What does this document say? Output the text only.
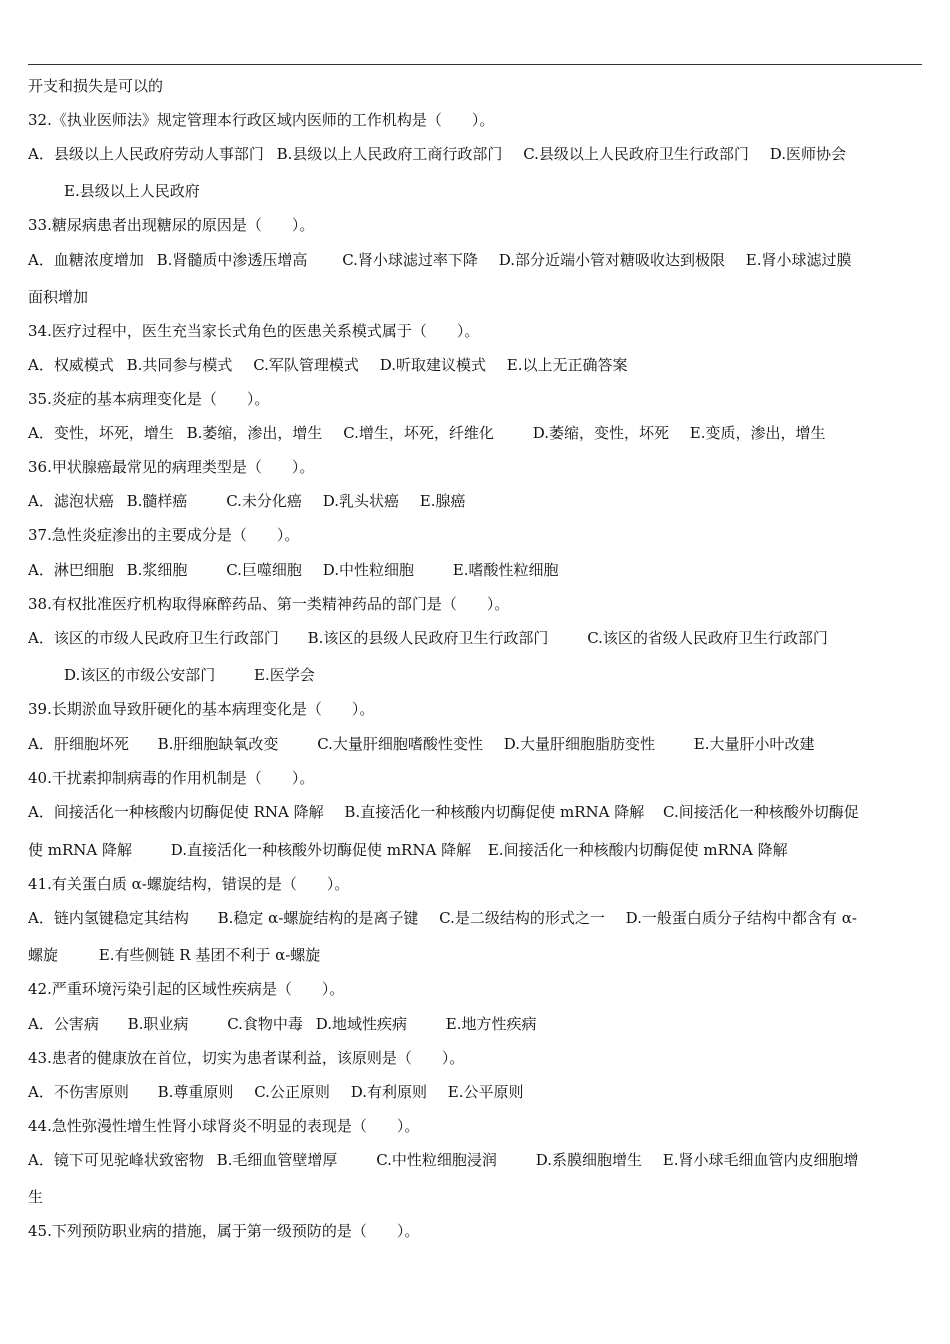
开支和损失是可以的
32.《执业医师法》规定管理本行政区域内医师的工作机构是（　　）。
A．县级以上人民政府劳动人事部门 B.县级以上人民政府工商行政部门 C.县级以上人民政府卫生行政部门 D.医师协会
E.县级以上人民政府
33.糖尿病患者出现糖尿的原因是（　　）。
A．血糖浓度增加 B.肾髓质中渗透压增高 C.肾小球滤过率下降 D.部分近端小管对糖吸收达到极限 E.肾小球滤过膜
面积增加
34.医疗过程中，医生充当家长式角色的医患关系模式属于（　　）。
A．权威模式 B.共同参与模式 C.军队管理模式 D.听取建议模式 E.以上无正确答案
35.炎症的基本病理变化是（　　）。
A．变性，坏死，增生 B.萎缩，渗出，增生 C.增生，坏死，纤维化	D.萎缩，变性，坏死 E.变质，渗出，增生
36.甲状腺癌最常见的病理类型是（　　）。
A．滤泡状癌 B.髓样癌	C.未分化癌 D.乳头状癌 E.腺癌
37.急性炎症渗出的主要成分是（　　）。
A．淋巴细胞 B.浆细胞	C.巨噬细胞 D.中性粒细胞	E.嗜酸性粒细胞
38.有权批准医疗机构取得麻醉药品、第一类精神药品的部门是（　　）。
A．该区的市级人民政府卫生行政部门 B.该区的县级人民政府卫生行政部门	C.该区的省级人民政府卫生行政部门
D.该区的市级公安部门	E.医学会
39.长期淤血导致肝硬化的基本病理变化是（　　）。
A．肝细胞坏死 B.肝细胞缺氧改变	C.大量肝细胞嗜酸性变性 D.大量肝细胞脂肪变性	E.大量肝小叶改建
40.干扰素抑制病毒的作用机制是（　　）。
A．间接活化一种核酸内切酶促使 RNA 降解 B.直接活化一种核酸内切酶促使 mRNA 降解 C.间接活化一种核酸外切酶促
使 mRNA 降解	D.直接活化一种核酸外切酶促使 mRNA 降解 E.间接活化一种核酸内切酶促使 mRNA 降解
41.有关蛋白质 α-螺旋结构，错误的是（　　）。
A．链内氢键稳定其结构 B.稳定 α-螺旋结构的是离子键 C.是二级结构的形式之一 D.一般蛋白质分子结构中都含有 α-
螺旋	E.有些侧链 R 基团不利于 α-螺旋
42.严重环境污染引起的区域性疾病是（　　）。
A．公害病 B.职业病	C.食物中毒 D.地域性疾病	E.地方性疾病
43.患者的健康放在首位，切实为患者谋利益，该原则是（　　）。
A．不伤害原则 B.尊重原则 C.公正原则 D.有利原则 E.公平原则
44.急性弥漫性增生性肾小球肾炎不明显的表现是（　　）。
A．镜下可见驼峰状致密物 B.毛细血管壁增厚	C.中性粒细胞浸润	D.系膜细胞增生 E.肾小球毛细血管内皮细胞增
生
45.下列预防职业病的措施，属于第一级预防的是（　　）。
